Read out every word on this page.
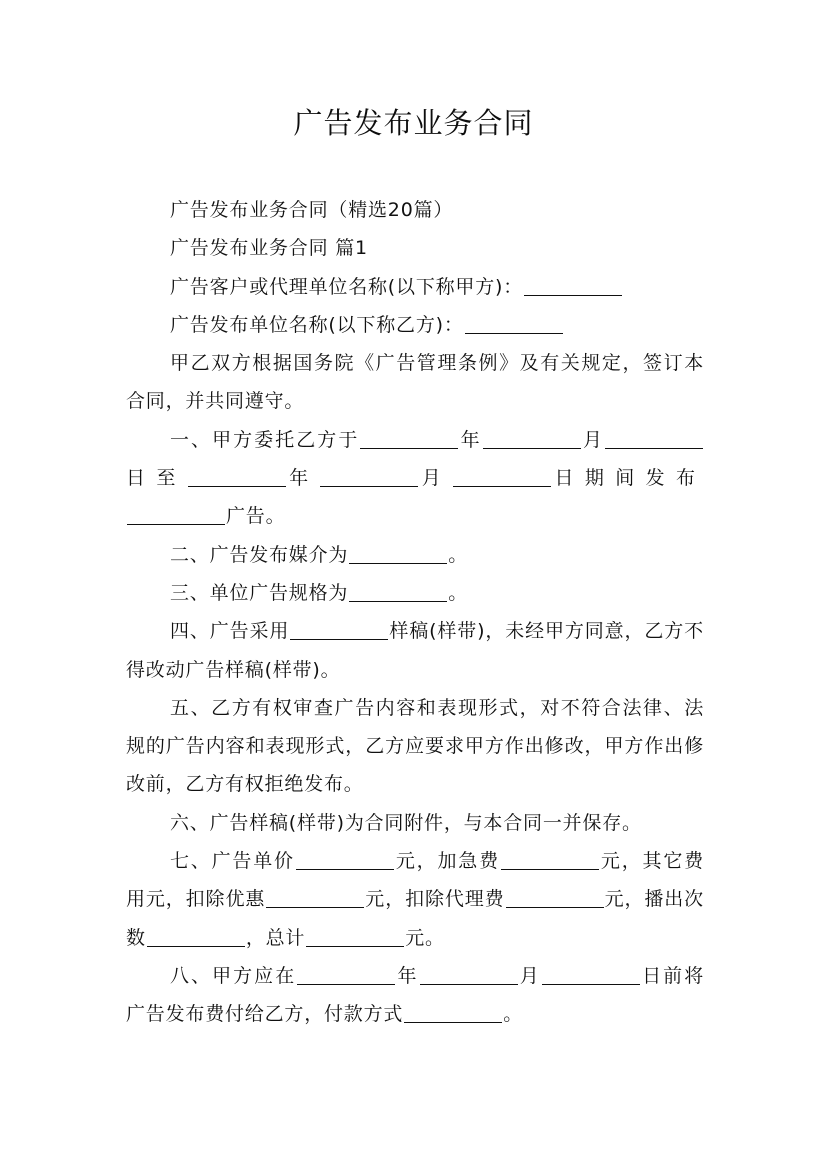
广告发布业务合同

广告发布业务合同（精选20篇）

广告发布业务合同 篇1

广告客户或代理单位名称(以下称甲方)：

广告发布单位名称(以下称乙方)：

甲乙双方根据国务院《广告管理条例》及有关规定，签订本合同，并共同遵守。

一、甲方委托乙方于	年	月日至	年	月	日期间发布广告。

二、广告发布媒介为	。

三、单位广告规格为	。

四、广告采用	样稿(样带)，未经甲方同意，乙方不得改动广告样稿(样带)。

五、乙方有权审查广告内容和表现形式，对不符合法律、法规的广告内容和表现形式，乙方应要求甲方作出修改，甲方作出修改前，乙方有权拒绝发布。

六、广告样稿(样带)为合同附件，与本合同一并保存。

七、广告单价	元，加急费	元，其它费用元，扣除优惠	元，扣除代理费	元，播出次数	，总计	元。

八、甲方应在	年	月	日前将广告发布费付给乙方，付款方式	。
